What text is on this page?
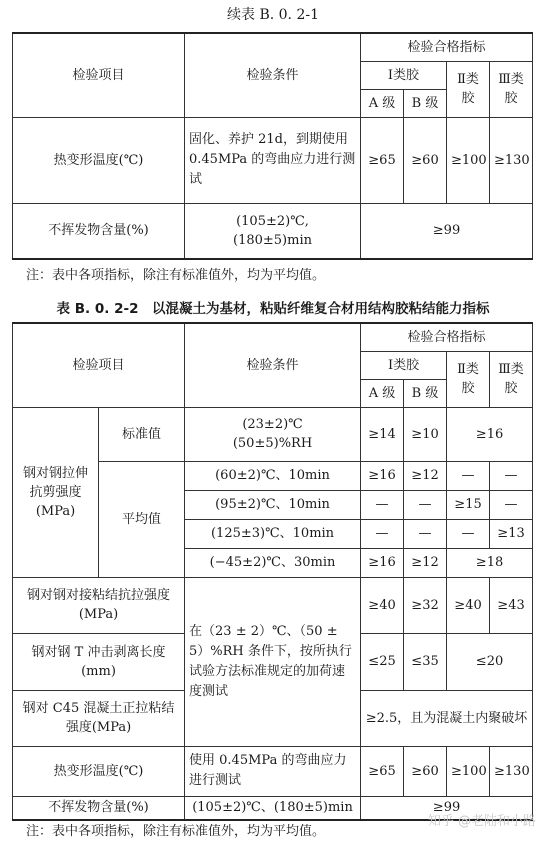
续表 B. 0. 2-1
检验项目	检验条件	检验合格指标			
		Ⅰ类胶		Ⅱ类胶	Ⅲ类胶
		A 级	B 级		
热变形温度(℃)	固化、养护 21d，到期使用 0.45MPa 的弯曲应力进行测试	≥65	≥60	≥100	≥130
不挥发物含量(%)	(105±2)℃,
(180±5)min	≥99			
注：表中各项指标，除注有标准值外，均为平均值。
表 B. 0. 2-2　以混凝土为基材，粘贴纤维复合材用结构胶粘结能力指标
检验项目		检验条件	检验合格指标			
			Ⅰ类胶		Ⅱ类胶	Ⅲ类胶
			A 级	B 级		
钢对钢拉伸抗剪强度(MPa)	标准值	(23±2)℃
(50±5)%RH	≥14	≥10	≥16	
	平均值	(60±2)℃、10min	≥16	≥12	—	—
		(95±2)℃、10min	—	—	≥15	—
		(125±3)℃、10min	—	—	—	≥13
		(−45±2)℃、30min	≥16	≥12	≥18	
钢对钢对接粘结抗拉强度(MPa)		在（23 ± 2）℃、（50 ± 5）%RH 条件下，按所执行试验方法标准规定的加荷速度测试	≥40	≥32	≥40	≥43
钢对钢 T 冲击剥离长度(mm)			≤25	≤35	≤20	
钢对 C45 混凝土正拉粘结强度(MPa)			≥2.5，且为混凝土内聚破坏			
热变形温度(℃)		使用 0.45MPa 的弯曲应力进行测试	≥65	≥60	≥100	≥130
不挥发物含量(%)		(105±2)℃、(180±5)min	≥99			
注：表中各项指标，除注有标准值外，均为平均值。
知乎 @老陆和小路
